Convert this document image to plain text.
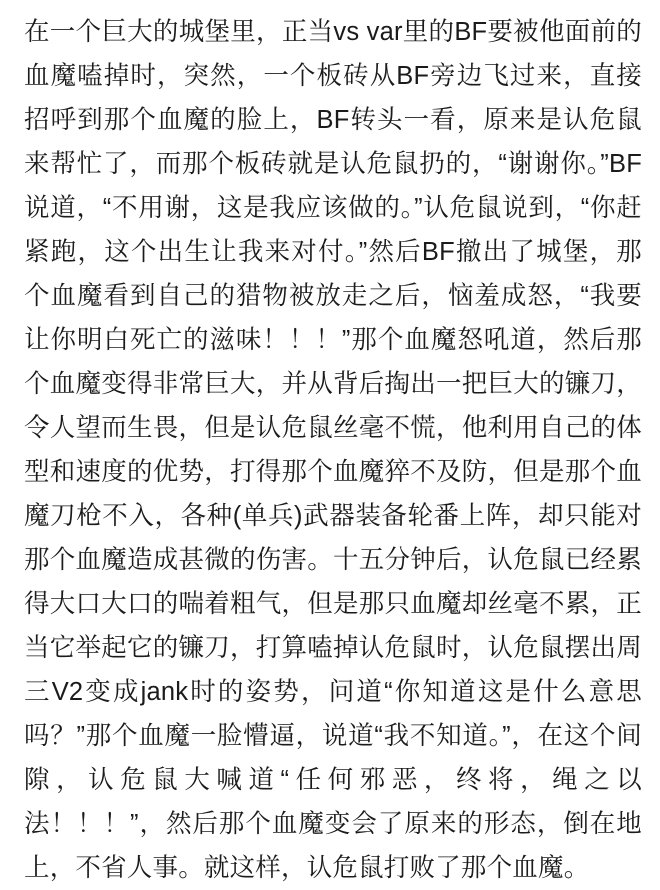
在一个巨大的城堡里，正当vs var里的BF要被他面前的血魔嗑掉时，突然，一个板砖从BF旁边飞过来，直接招呼到那个血魔的脸上，BF转头一看，原来是认危鼠来帮忙了，而那个板砖就是认危鼠扔的，“谢谢你。”BF说道，“不用谢，这是我应该做的。”认危鼠说到，“你赶紧跑，这个出生让我来对付。”然后BF撤出了城堡，那个血魔看到自己的猎物被放走之后，恼羞成怒，“我要让你明白死亡的滋味！！！”那个血魔怒吼道，然后那个血魔变得非常巨大，并从背后掏出一把巨大的镰刀，令人望而生畏，但是认危鼠丝毫不慌，他利用自己的体型和速度的优势，打得那个血魔猝不及防，但是那个血魔刀枪不入，各种(单兵)武器装备轮番上阵，却只能对那个血魔造成甚微的伤害。十五分钟后，认危鼠已经累得大口大口的喘着粗气，但是那只血魔却丝毫不累，正当它举起它的镰刀，打算嗑掉认危鼠时，认危鼠摆出周三V2变成jank时的姿势，问道“你知道这是什么意思吗？”那个血魔一脸懵逼，说道“我不知道。”，在这个间隙，认危鼠大喊道“任何邪恶，终将，绳之以法！！！”，然后那个血魔变会了原来的形态，倒在地上，不省人事。就这样，认危鼠打败了那个血魔。
